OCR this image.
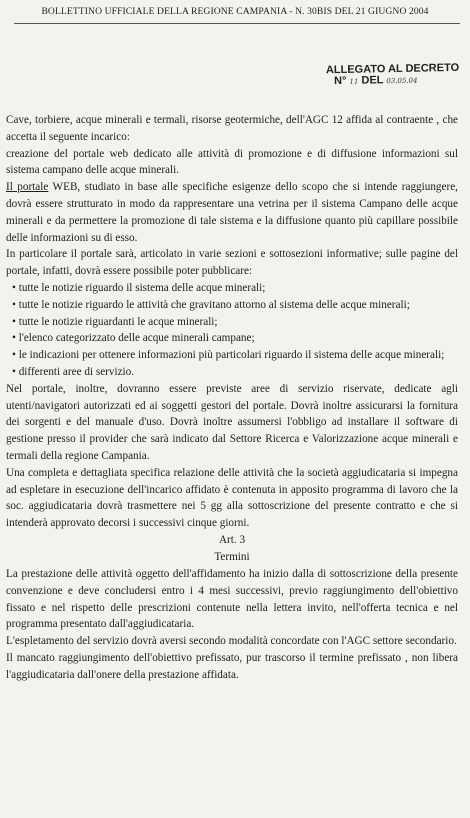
BOLLETTINO UFFICIALE DELLA REGIONE CAMPANIA - N. 30BIS DEL 21 GIUGNO 2004
ALLEGATO AL DECRETO
N° 11 DEL 03.05.04

Cave, torbiere, acque minerali e termali, risorse geotermiche, dell'AGC 12 affida al contraente , che accetta il seguente incarico:

creazione del portale web dedicato alle attività di promozione e di diffusione informazioni sul sistema campano delle acque minerali.

Il portale WEB, studiato in base alle specifiche esigenze dello scopo che si intende raggiungere, dovrà essere strutturato in modo da rappresentare una vetrina per il sistema Campano delle acque minerali e da permettere la promozione di tale sistema e la diffusione quanto più capillare possibile delle informazioni su di esso.

In particolare il portale sarà, articolato in varie sezioni e sottosezioni informative; sulle pagine del portale, infatti, dovrà essere possibile poter pubblicare:

• tutte le notizie riguardo il sistema delle acque minerali;

• tutte le notizie riguardo le attività che gravitano attorno al sistema delle acque minerali;

• tutte le notizie riguardanti le acque minerali;

• l'elenco categorizzato delle acque minerali campane;

• le indicazioni per ottenere informazioni più particolari riguardo il sistema delle acque minerali;

• differenti aree di servizio.

Nel portale, inoltre, dovranno essere previste aree di servizio riservate, dedicate agli utenti/navigatori autorizzati ed ai soggetti gestori del portale. Dovrà inoltre assicurarsi la fornitura dei sorgenti e del manuale d'uso. Dovrà inoltre assumersi l'obbligo ad installare il software di gestione presso il provider che sarà indicato dal Settore Ricerca e Valorizzazione acque minerali e termali della regione Campania.

Una completa e dettagliata specifica relazione delle attività che la società aggiudicataria si impegna ad espletare in esecuzione dell'incarico affidato è contenuta in apposito programma di lavoro che la soc. aggiudicataria dovrà trasmettere nei 5 gg alla sottoscrizione del presente contratto e che si intenderà approvato decorsi i successivi cinque giorni.

Art. 3
Termini

La prestazione delle attività oggetto dell'affidamento ha inizio dalla di sottoscrizione della presente convenzione e deve concludersi entro i 4 mesi successivi, previo raggiungimento dell'obiettivo fissato e nel rispetto delle prescrizioni contenute nella lettera invito, nell'offerta tecnica e nel programma presentato dall'aggiudicataria.

L'espletamento del servizio dovrà aversi secondo modalità concordate con l'AGC settore secondario.

Il mancato raggiungimento dell'obiettivo prefissato, pur trascorso il termine prefissato , non libera l'aggiudicataria dall'onere della prestazione affidata.
